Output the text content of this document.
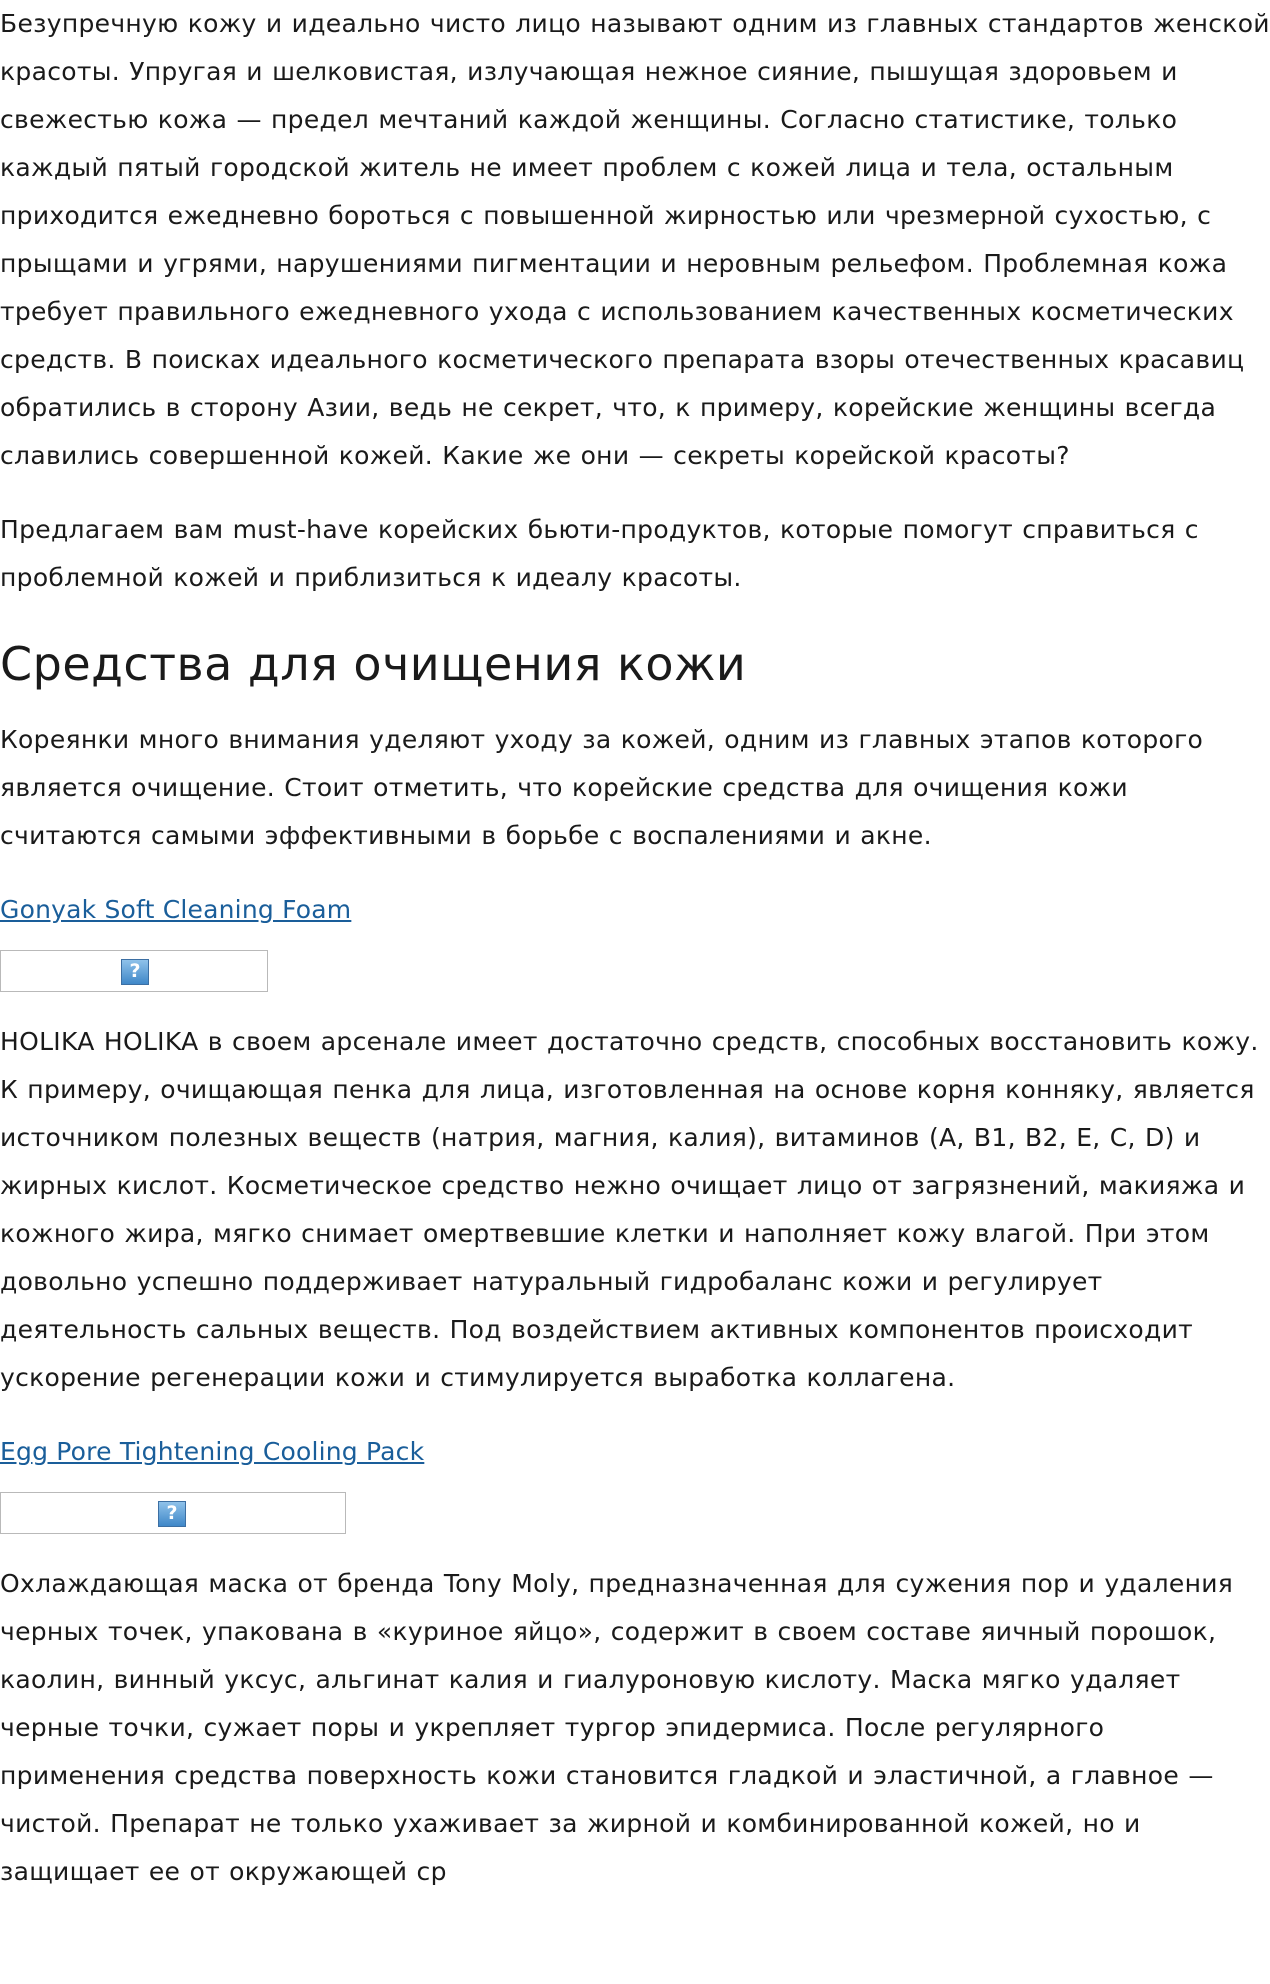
Безупречную кожу и идеально чисто лицо называют одним из главных стандартов женской красоты. Упругая и шелковистая, излучающая нежное сияние, пышущая здоровьем и свежестью кожа — предел мечтаний каждой женщины. Согласно статистике, только каждый пятый городской житель не имеет проблем с кожей лица и тела, остальным приходится ежедневно бороться с повышенной жирностью или чрезмерной сухостью, с прыщами и угрями, нарушениями пигментации и неровным рельефом. Проблемная кожа требует правильного ежедневного ухода с использованием качественных косметических средств. В поисках идеального косметического препарата взоры отечественных красавиц обратились в сторону Азии, ведь не секрет, что, к примеру, корейские женщины всегда славились совершенной кожей. Какие же они — секреты корейской красоты?

Предлагаем вам must-have корейских бьюти-продуктов, которые помогут справиться с проблемной кожей и приблизиться к идеалу красоты.

Средства для очищения кожи

Кореянки много внимания уделяют уходу за кожей, одним из главных этапов которого является очищение. Стоит отметить, что корейские средства для очищения кожи считаются самыми эффективными в борьбе с воспалениями и акне.

Gonyak Soft Cleaning Foam
?

HOLIKA HOLIKA в своем арсенале имеет достаточно средств, способных восстановить кожу. К примеру, очищающая пенка для лица, изготовленная на основе корня конняку, является источником полезных веществ (натрия, магния, калия), витаминов (А, В1, В2, Е, С, D) и жирных кислот. Косметическое средство нежно очищает лицо от загрязнений, макияжа и кожного жира, мягко снимает омертвевшие клетки и наполняет кожу влагой. При этом довольно успешно поддерживает натуральный гидробаланс кожи и регулирует деятельность сальных веществ. Под воздействием активных компонентов происходит ускорение регенерации кожи и стимулируется выработка коллагена.

Egg Pore Tightening Cooling Pack
?

Охлаждающая маска от бренда Tony Moly, предназначенная для сужения пор и удаления черных точек, упакована в «куриное яйцо», содержит в своем составе яичный порошок, каолин, винный уксус, альгинат калия и гиалуроновую кислоту. Маска мягко удаляет черные точки, сужает поры и укрепляет тургор эпидермиса. После регулярного применения средства поверхность кожи становится гладкой и эластичной, а главное — чистой. Препарат не только ухаживает за жирной и комбинированной кожей, но и защищает ее от окружающей ср
